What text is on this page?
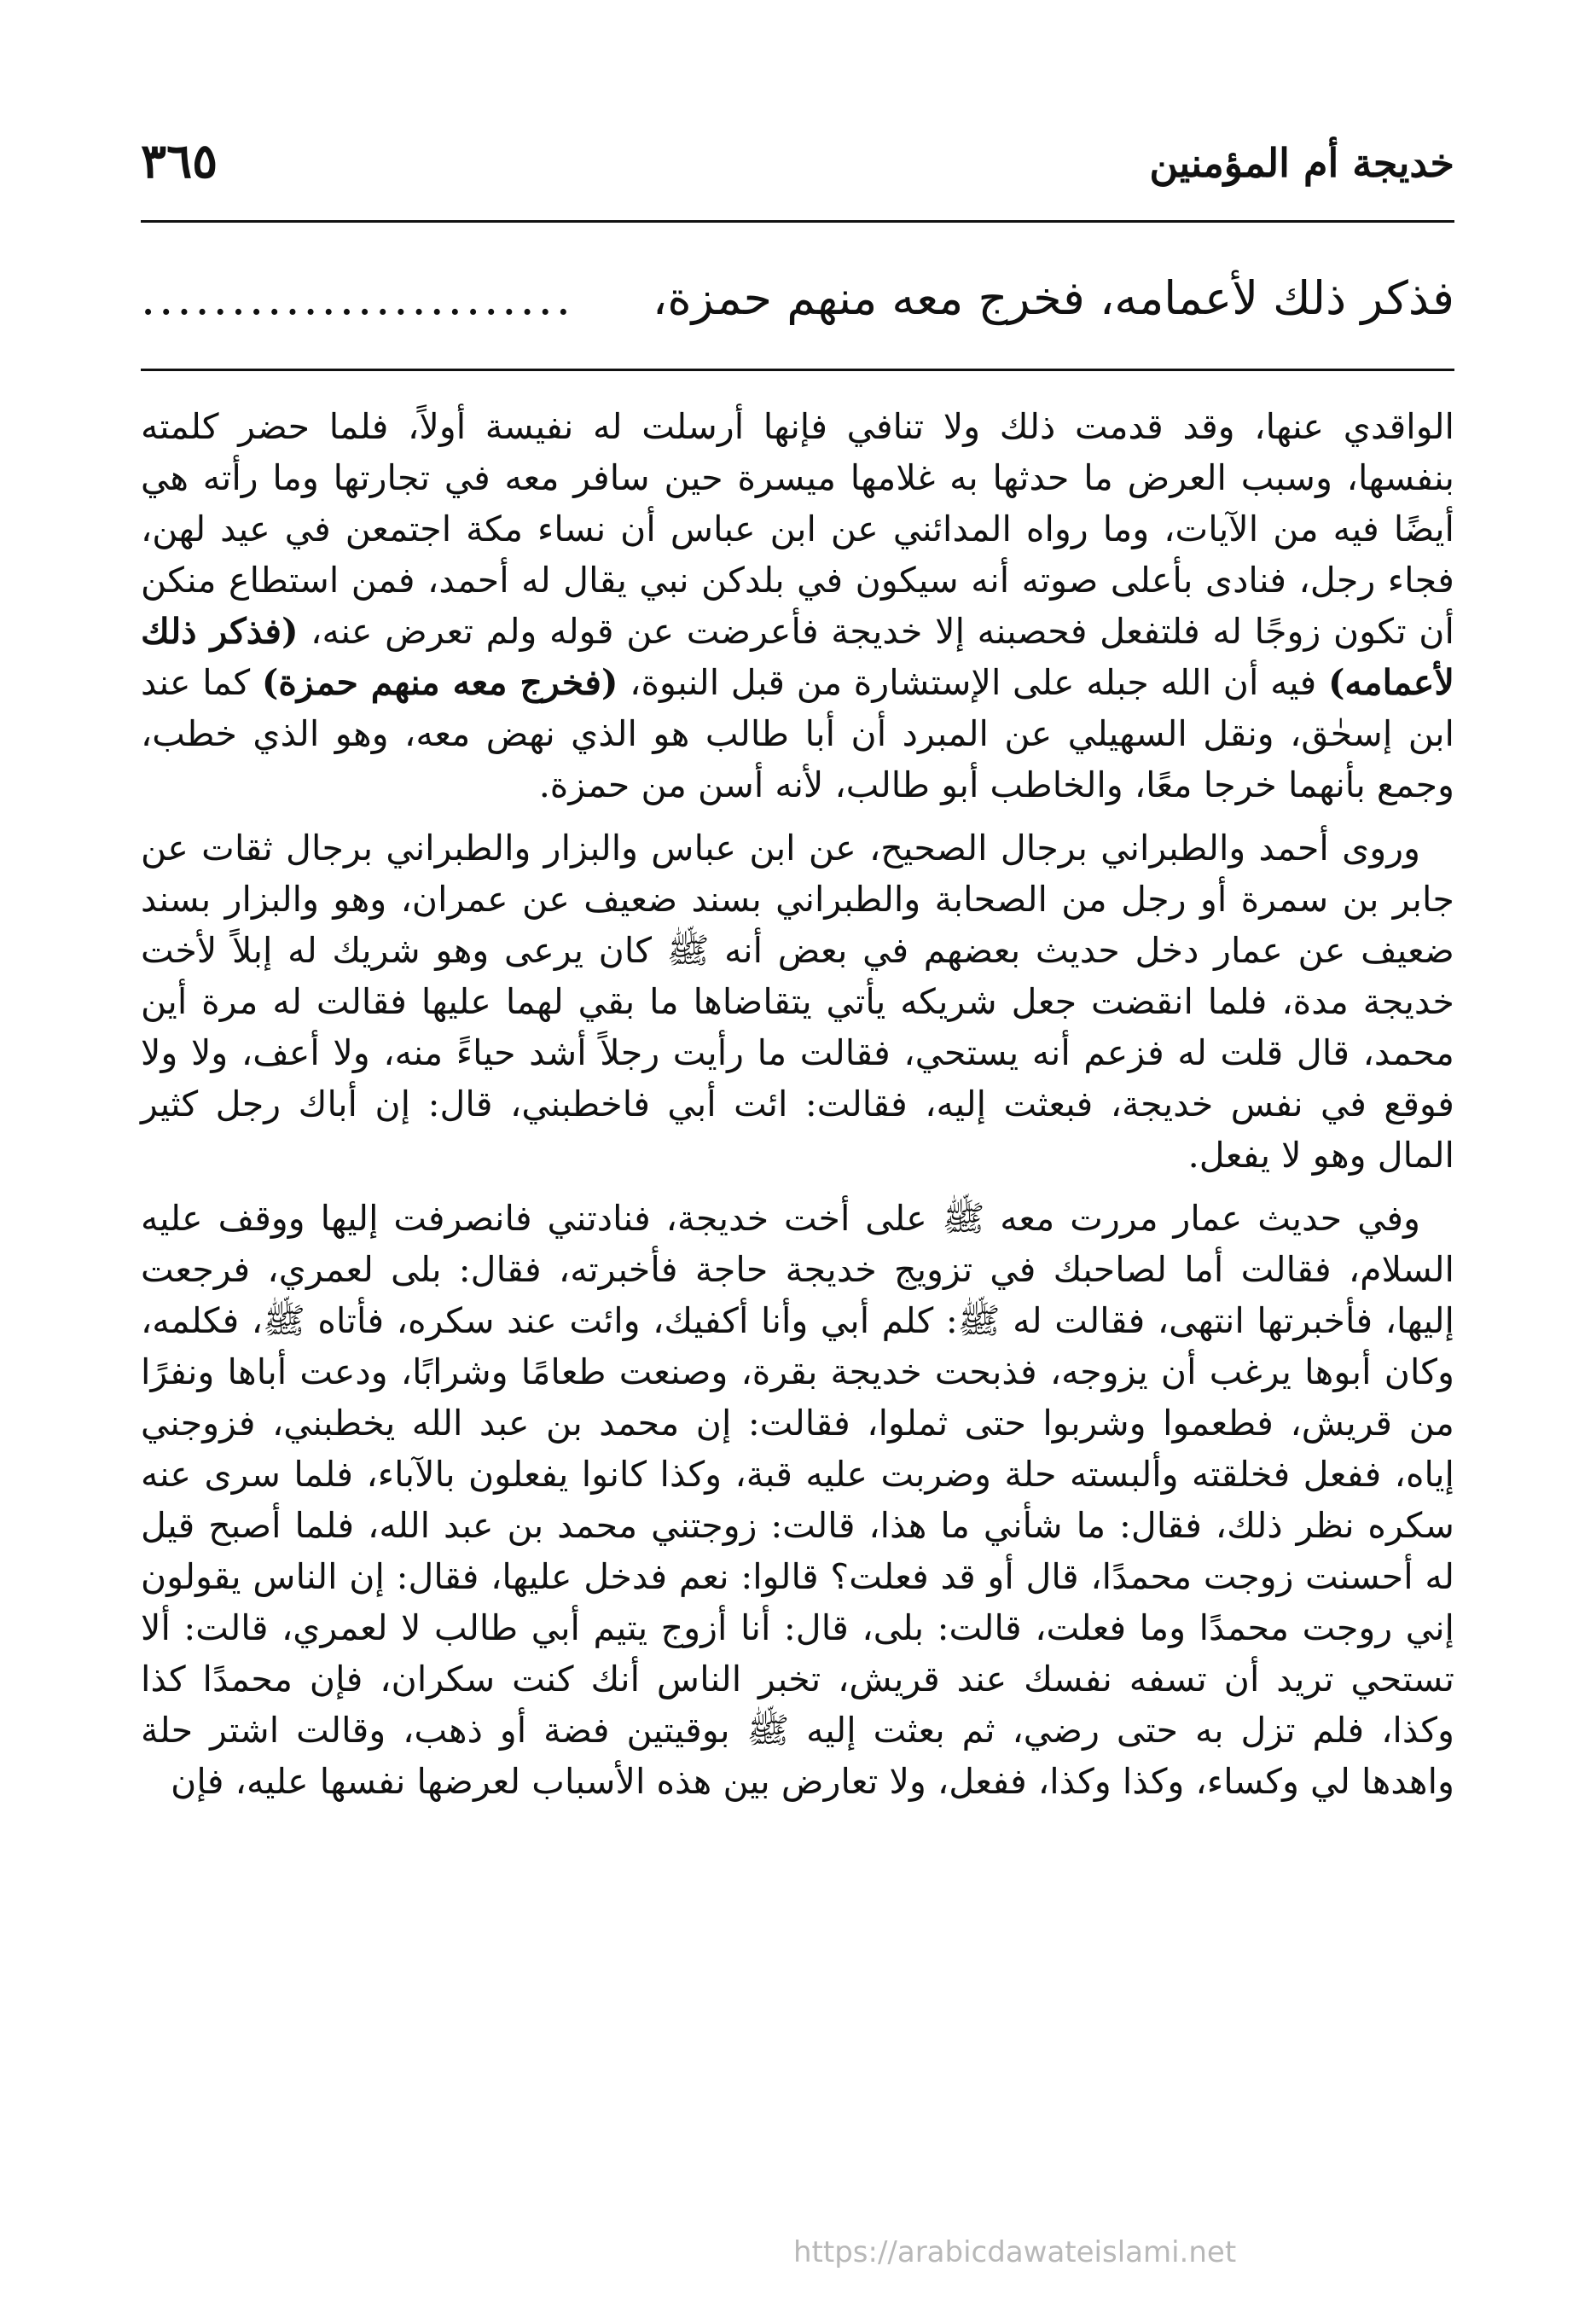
خديجة أم المؤمنين
٣٦٥
فذكر ذلك لأعمامه، فخرج معه منهم حمزة،
........................

الواقدي عنها، وقد قدمت ذلك ولا تنافي فإنها أرسلت له نفيسة أولاً، فلما حضر كلمته بنفسها، وسبب العرض ما حدثها به غلامها ميسرة حين سافر معه في تجارتها وما رأته هي أيضًا فيه من الآيات، وما رواه المدائني عن ابن عباس أن نساء مكة اجتمعن في عيد لهن، فجاء رجل، فنادى بأعلى صوته أنه سيكون في بلدكن نبي يقال له أحمد، فمن استطاع منكن أن تكون زوجًا له فلتفعل فحصبنه إلا خديجة فأعرضت عن قوله ولم تعرض عنه، (فذكر ذلك لأعمامه) فيه أن الله جبله على الإستشارة من قبل النبوة، (فخرج معه منهم حمزة) كما عند ابن إسحٰق، ونقل السهيلي عن المبرد أن أبا طالب هو الذي نهض معه، وهو الذي خطب، وجمع بأنهما خرجا معًا، والخاطب أبو طالب، لأنه أسن من حمزة.

وروى أحمد والطبراني برجال الصحيح، عن ابن عباس والبزار والطبراني برجال ثقات عن جابر بن سمرة أو رجل من الصحابة والطبراني بسند ضعيف عن عمران، وهو والبزار بسند ضعيف عن عمار دخل حديث بعضهم في بعض أنه ﷺ كان يرعى وهو شريك له إبلاً لأخت خديجة مدة، فلما انقضت جعل شريكه يأتي يتقاضاها ما بقي لهما عليها فقالت له مرة أين محمد، قال قلت له فزعم أنه يستحي، فقالت ما رأيت رجلاً أشد حياءً منه، ولا أعف، ولا ولا فوقع في نفس خديجة، فبعثت إليه، فقالت: ائت أبي فاخطبني، قال: إن أباك رجل كثير المال وهو لا يفعل.

وفي حديث عمار مررت معه ﷺ على أخت خديجة، فنادتني فانصرفت إليها ووقف عليه السلام، فقالت أما لصاحبك في تزويج خديجة حاجة فأخبرته، فقال: بلى لعمري، فرجعت إليها، فأخبرتها انتهى، فقالت له ﷺ: كلم أبي وأنا أكفيك، وائت عند سكره، فأتاه ﷺ، فكلمه، وكان أبوها يرغب أن يزوجه، فذبحت خديجة بقرة، وصنعت طعامًا وشرابًا، ودعت أباها ونفرًا من قريش، فطعموا وشربوا حتى ثملوا، فقالت: إن محمد بن عبد الله يخطبني، فزوجني إياه، ففعل فخلقته وألبسته حلة وضربت عليه قبة، وكذا كانوا يفعلون بالآباء، فلما سرى عنه سكره نظر ذلك، فقال: ما شأني ما هذا، قالت: زوجتني محمد بن عبد الله، فلما أصبح قيل له أحسنت زوجت محمدًا، قال أو قد فعلت؟ قالوا: نعم فدخل عليها، فقال: إن الناس يقولون إني روجت محمدًا وما فعلت، قالت: بلى، قال: أنا أزوج يتيم أبي طالب لا لعمري، قالت: ألا تستحي تريد أن تسفه نفسك عند قريش، تخبر الناس أنك كنت سكران، فإن محمدًا كذا وكذا، فلم تزل به حتى رضي، ثم بعثت إليه ﷺ بوقيتين فضة أو ذهب، وقالت اشتر حلة واهدها لي وكساء، وكذا وكذا، ففعل، ولا تعارض بين هذه الأسباب لعرضها نفسها عليه، فإن

https://arabicdawateislami.net
